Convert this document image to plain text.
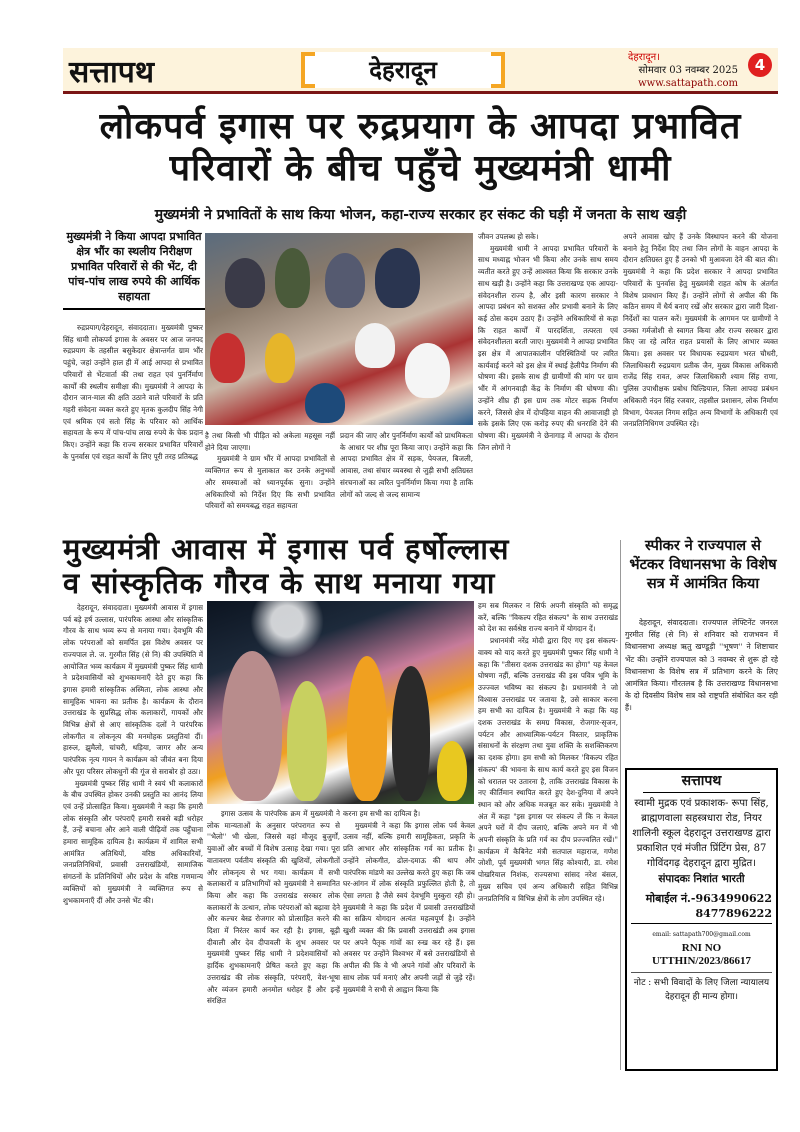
सत्तापथ	देहरादून	देहरादून।
सोमवार 03 नवम्बर 2025
www.sattapath.com
4
लोकपर्व इगास पर रुद्रप्रयाग के आपदा प्रभावित
परिवारों के बीच पहुँचे मुख्यमंत्री धामी
मुख्यमंत्री ने प्रभावितों के साथ किया भोजन, कहा-राज्य सरकार हर संकट की घड़ी में जनता के साथ खड़ी
मुख्यमंत्री ने किया आपदा प्रभावित क्षेत्र भौंर का स्थलीय निरीक्षण प्रभावित परिवारों से की भेंट, दी पांच-पांच लाख रुपये की आर्थिक सहायता

रुद्रप्रयाग/देहरादून, संवाददाता। मुख्यमंत्री पुष्कर सिंह धामी लोकपर्व इगास के अवसर पर आज जनपद रुद्रप्रयाग के तहसील बसुकेदार क्षेत्रान्तर्गत ग्राम भौंर पहुंचे, जहां उन्होंने हाल ही में आई आपदा से प्रभावित परिवारों से भेंटवार्ता की तथा राहत एवं पुनर्निर्माण कार्यों की स्थलीय समीक्षा की। मुख्यमंत्री ने आपदा के दौरान जान-माल की क्षति उठाने वाले परिवारों के प्रति गहरी संवेदना व्यक्त करते हुए मृतक कुलदीप सिंह नेगी एवं श्रमिक एवं सतो सिंह के परिवार को आर्थिक सहायता के रूप में पांच-पांच लाख रुपये के चेक प्रदान किए। उन्होंने कहा कि राज्य सरकार प्रभावित परिवारों के पुनर्वास एवं राहत कार्यों के लिए पूरी तरह प्रतिबद्ध

है तथा किसी भी पीड़ित को अकेला महसूस नहीं होने दिया जाएगा।

मुख्यमंत्री ने ग्राम भौंर में आपदा प्रभावितों से व्यक्तिगत रूप से मुलाकात कर उनके अनुभवों और समस्याओं को ध्यानपूर्वक सुना। उन्होंने अधिकारियों को निर्देश दिए कि सभी प्रभावित परिवारों को समयबद्ध राहत सहायता

प्रदान की जाए और पुनर्निर्माण कार्यों को प्राथमिकता के आधार पर शीघ्र पूरा किया जाए। उन्होंने कहा कि आपदा प्रभावित क्षेत्र में सड़क, पेयजल, बिजली, आवास, तथा संचार व्यवस्था से जुड़ी सभी क्षतिग्रस्त संरचनाओं का त्वरित पुनर्निर्माण किया गया है ताकि लोगों को जल्द से जल्द सामान्य
जीवन उपलब्ध हो सके।

मुख्यमंत्री धामी ने आपदा प्रभावित परिवारों के साथ मध्याह्न भोजन भी किया और उनके साथ समय व्यतीत करते हुए उन्हें आश्वस्त किया कि सरकार उनके साथ खड़ी है। उन्होंने कहा कि उत्तराखण्ड एक आपदा-संवेदनशील राज्य है, और इसी कारण सरकार ने आपदा प्रबंधन को सशक्त और प्रभावी बनाने के लिए कई ठोस कदम उठाए हैं। उन्होंने अधिकारियों से कहा कि राहत कार्यों में पारदर्शिता, तत्परता एवं संवेदनशीलता बरती जाए। मुख्यमंत्री ने आपदा प्रभावित इस क्षेत्र में आपातकालीन परिस्थितियों पर त्वरित कार्यवाई करने को इस क्षेत्र में स्थाई हेलीपैड निर्माण की घोषणा की। इसके साथ ही ग्रामीणों की मांग पर ग्राम भौंर में आंगनवाड़ी केंद्र के निर्माण की घोषणा की। उन्होंने शीघ्र ही इस ग्राम तक मोटर सड़क निर्माण करने, जिससे क्षेत्र में दोपहिया वाहन की आवाजाही हो सके इसके लिए एक करोड़ रुपए की धनराशि देने की घोषणा की। मुख्यमंत्री ने छेनागाड़ में आपदा के दौरान जिन लोगों ने

अपने आवास खोए हैं उनके विस्थापन करने की योजना बनाने हेतु निर्देश दिए तथा जिन लोगों के वाहन आपदा के दौरान क्षतिग्रस्त हुए हैं उनको भी मुआवजा देने की बात की। मुख्यमंत्री ने कहा कि प्रदेश सरकार ने आपदा प्रभावित परिवारों के पुनर्वास हेतु मुख्यमंत्री राहत कोष के अंतर्गत विशेष प्रावधान किए हैं। उन्होंने लोगों से अपील की कि कठिन समय में धैर्य बनाए रखें और सरकार द्वारा जारी दिशा-निर्देशों का पालन करें। मुख्यमंत्री के आगमन पर ग्रामीणों ने उनका गर्मजोशी से स्वागत किया और राज्य सरकार द्वारा किए जा रहे त्वरित राहत प्रयासों के लिए आभार व्यक्त किया। इस अवसर पर विधायक रुद्रप्रयाग भरत चौधरी, जिलाधिकारी रुद्रप्रयाग प्रतीक जैन, मुख्य विकास अधिकारी राजेंद्र सिंह रावत, अपर जिलाधिकारी श्याम सिंह राणा, पुलिस उपाधीक्षक प्रबोध घिल्डियाल, जिला आपदा प्रबंधन अधिकारी नंदन सिंह रजवार, तहसील प्रशासन, लोक निर्माण विभाग, पेयजल निगम सहित अन्य विभागों के अधिकारी एवं जनप्रतिनिधिगण उपस्थित रहे।
मुख्यमंत्री आवास में इगास पर्व हर्षोल्लास
व सांस्कृतिक गौरव के साथ मनाया गया

देहरादून, संवाददाता। मुख्यमंत्री आवास में इगास पर्व बड़े हर्ष उल्लास, पारंपरिक आस्था और सांस्कृतिक गौरव के साथ भव्य रूप से मनाया गया। देवभूमि की लोक परंपराओं को समर्पित इस विशेष अवसर पर राज्यपाल ले. ज. गुरमीत सिंह (से नि) की उपस्थिति में आयोजित भव्य कार्यक्रम में मुख्यमंत्री पुष्कर सिंह धामी ने प्रदेशवासियों को शुभकामनाएँ देते हुए कहा कि इगास हमारी सांस्कृतिक अस्मिता, लोक आस्था और सामूहिक भावना का प्रतीक है। कार्यक्रम के दौरान उत्तराखंड के सुप्रसिद्ध लोक कलाकारों, गायकों और विभिन्न क्षेत्रों से आए सांस्कृतिक दलों ने पारंपरिक लोकगीत व लोकनृत्य की मनमोहक प्रस्तुतियां दीं। हारुल, झुमैलो, चांचरी, थड़िया, जागर और अन्य पारंपरिक नृत्य गायन ने कार्यक्रम को जीवंत बना दिया और पूरा परिसर लोकधुनों की गूंज से सराबोर हो उठा।

मुख्यमंत्री पुष्कर सिंह धामी ने स्वयं भी कलाकारों के बीच उपस्थित होकर उनकी प्रस्तुति का आनंद लिया एवं उन्हें प्रोत्साहित किया। मुख्यमंत्री ने कहा कि हमारी लोक संस्कृति और परंपराएँ हमारी सबसे बड़ी धरोहर हैं, उन्हें बचाना और आने वाली पीढ़ियों तक पहुँचाना हमारा सामूहिक दायित्व है। कार्यक्रम में शामिल सभी आमंत्रित अतिथियों, वरिष्ठ अधिकारियों, जनप्रतिनिधियों, प्रवासी उत्तराखंडियों, सामाजिक संगठनों के प्रतिनिधियों और प्रदेश के वरिष्ठ गणमान्य व्यक्तियों को मुख्यमंत्री ने व्यक्तिगत रूप से शुभकामनाएँ दीं और उनसे भेंट की।

इगास उत्सव के पारंपरिक क्रम में मुख्यमंत्री ने लोक मान्यताओं के अनुसार परंपरागत रूप से ''भैलो'' भी खेला, जिससे वहां मौजूद बुजुर्गों, युवाओं और बच्चों में विशेष उत्साह देखा गया। पूरा वातावरण पर्वतीय संस्कृति की खुशियों, लोकगीतों और लोकनृत्य से भर गया। कार्यक्रम में सभी कलाकारों व प्रतिभागियों को मुख्यमंत्री ने सम्मानित किया और कहा कि उत्तराखंड सरकार लोक कलाकारों के उत्थान, लोक परंपराओं को बढ़ावा देने और कल्चर बेस्ड रोजगार को प्रोत्साहित करने की दिशा में निरंतर कार्य कर रही है। इगास, बूढ़ी दीवाली और देव दीपावली के शुभ अवसर पर मुख्यमंत्री पुष्कर सिंह धामी ने प्रदेशवासियों को हार्दिक शुभकामनाएँ प्रेषित करते हुए कहा कि उत्तराखंड की लोक संस्कृति, परंपराएँ, वेश-भूषा और व्यंजन हमारी अनमोल धरोहर हैं और इन्हें संरक्षित

करना हम सभी का दायित्व है।

मुख्यमंत्री ने कहा कि इगास लोक पर्व केवल उत्सव नहीं, बल्कि हमारी सामूहिकता, प्रकृति के प्रति आभार और सांस्कृतिक गर्व का प्रतीक है। उन्होंने लोकगीत, ढोल-दमाऊ की थाप और पारंपरिक मांडणे का उल्लेख करते हुए कहा कि जब घर-आंगन में लोक संस्कृति प्रफुल्लित होती है, तो ऐसा लगता है जैसे स्वयं देवभूमि मुस्कुरा रही हो। मुख्यमंत्री ने कहा कि प्रदेश में प्रवासी उत्तराखंडियों का सक्रिय योगदान अत्यंत महत्वपूर्ण है। उन्होंने खुशी व्यक्त की कि प्रवासी उत्तराखंडी अब इगास पर अपने पैतृक गांवों का रुख कर रहे हैं। इस अवसर पर उन्होंने विश्वभर में बसे उत्तराखंडियों से अपील की कि वे भी अपने गांवों और परिवारों के साथ लोक पर्व मनाएं और अपनी जड़ों से जुड़े रहें। मुख्यमंत्री ने सभी से आह्वान किया कि

हम सब मिलकर न सिर्फ अपनी संस्कृति को समृद्ध करें, बल्कि "विकल्प रहित संकल्प" के साथ उत्तराखंड को देश का सर्वश्रेष्ठ राज्य बनाने में योगदान दें।

प्रधानमंत्री नरेंद्र मोदी द्वारा दिए गए इस संकल्प-वाक्य को याद करते हुए मुख्यमंत्री पुष्कर सिंह धामी ने कहा कि "तीसरा दशक उत्तराखंड का होगा" यह केवल घोषणा नहीं, बल्कि उत्तराखंड की इस पवित्र भूमि के उज्ज्वल भविष्य का संकल्प है। प्रधानमंत्री ने जो विश्वास उत्तराखंड पर जताया है, उसे साकार करना हम सभी का दायित्व है। मुख्यमंत्री ने कहा कि यह दशक उत्तराखंड के समग्र विकास, रोजगार-सृजन, पर्यटन और आध्यात्मिक-पर्यटन विस्तार, प्राकृतिक संसाधनों के संरक्षण तथा युवा शक्ति के सशक्तिकरण का दशक होगा। हम सभी को मिलकर 'विकल्प रहित संकल्प' की भावना के साथ कार्य करते हुए इस विजन को धरातल पर उतारना है, ताकि उत्तराखंड विकास के नए कीर्तिमान स्थापित करते हुए देश-दुनिया में अपने स्थान को और अधिक मजबूत कर सके। मुख्यमंत्री ने अंत में कहा "इस इगास पर संकल्प लें कि न केवल अपने घरों में दीप जलाएं, बल्कि अपने मन में भी अपनी संस्कृति के प्रति गर्व का दीप प्रज्ज्वलित रखें।" कार्यक्रम में कैबिनेट मंत्री सतपाल महाराज, गणेश जोशी, पूर्व मुख्यमंत्री भगत सिंह कोश्यारी, डा. रमेश पोखरियाल निशंक, राज्यसभा सांसद नरेश बंसल, मुख्य सचिव एवं अन्य अधिकारी सहित विभिन्न जनप्रतिनिधि व विभिन्न क्षेत्रों के लोग उपस्थित रहे।

स्पीकर ने राज्यपाल से भेंटकर विधानसभा के विशेष सत्र में आमंत्रित किया

देहरादून, संवाददाता। राज्यपाल लेफ्टिनेंट जनरल गुरमीत सिंह (से नि) से शनिवार को राजभवन में विधानसभा अध्यक्ष ऋतु खण्डूड़ी ''भूषण'' ने शिष्टाचार भेंट की। उन्होंने राज्यपाल को 3 नवम्बर से शुरू हो रहे विधानसभा के विशेष सत्र में प्रतिभाग करने के लिए आमंत्रित किया। गौरतलब है कि उत्तराखण्ड विधानसभा के दो दिवसीय विशेष सत्र को राष्ट्रपति संबोधित कर रही हैं।

सत्तापथ
स्वामी मुद्रक एवं प्रकाशक- रूपा सिंह, ब्राह्मणवाला सहस्त्रधारा रोड, नियर शालिनी स्कूल देहरादून उत्तराखण्ड द्वारा प्रकाशित एवं मंजीत प्रिंटिंग प्रेस, 87 गोविंदगढ़ देहरादून द्वारा मुद्रित।
संपादकः निशांत भारती
मोबाईल नं.-9634990622
8477896222
email: sattapath700@gmail.com
RNI NO
UTTHIN/2023/86617
नोट : सभी विवादों के लिए जिला न्यायालय देहरादून ही मान्य होगा।
